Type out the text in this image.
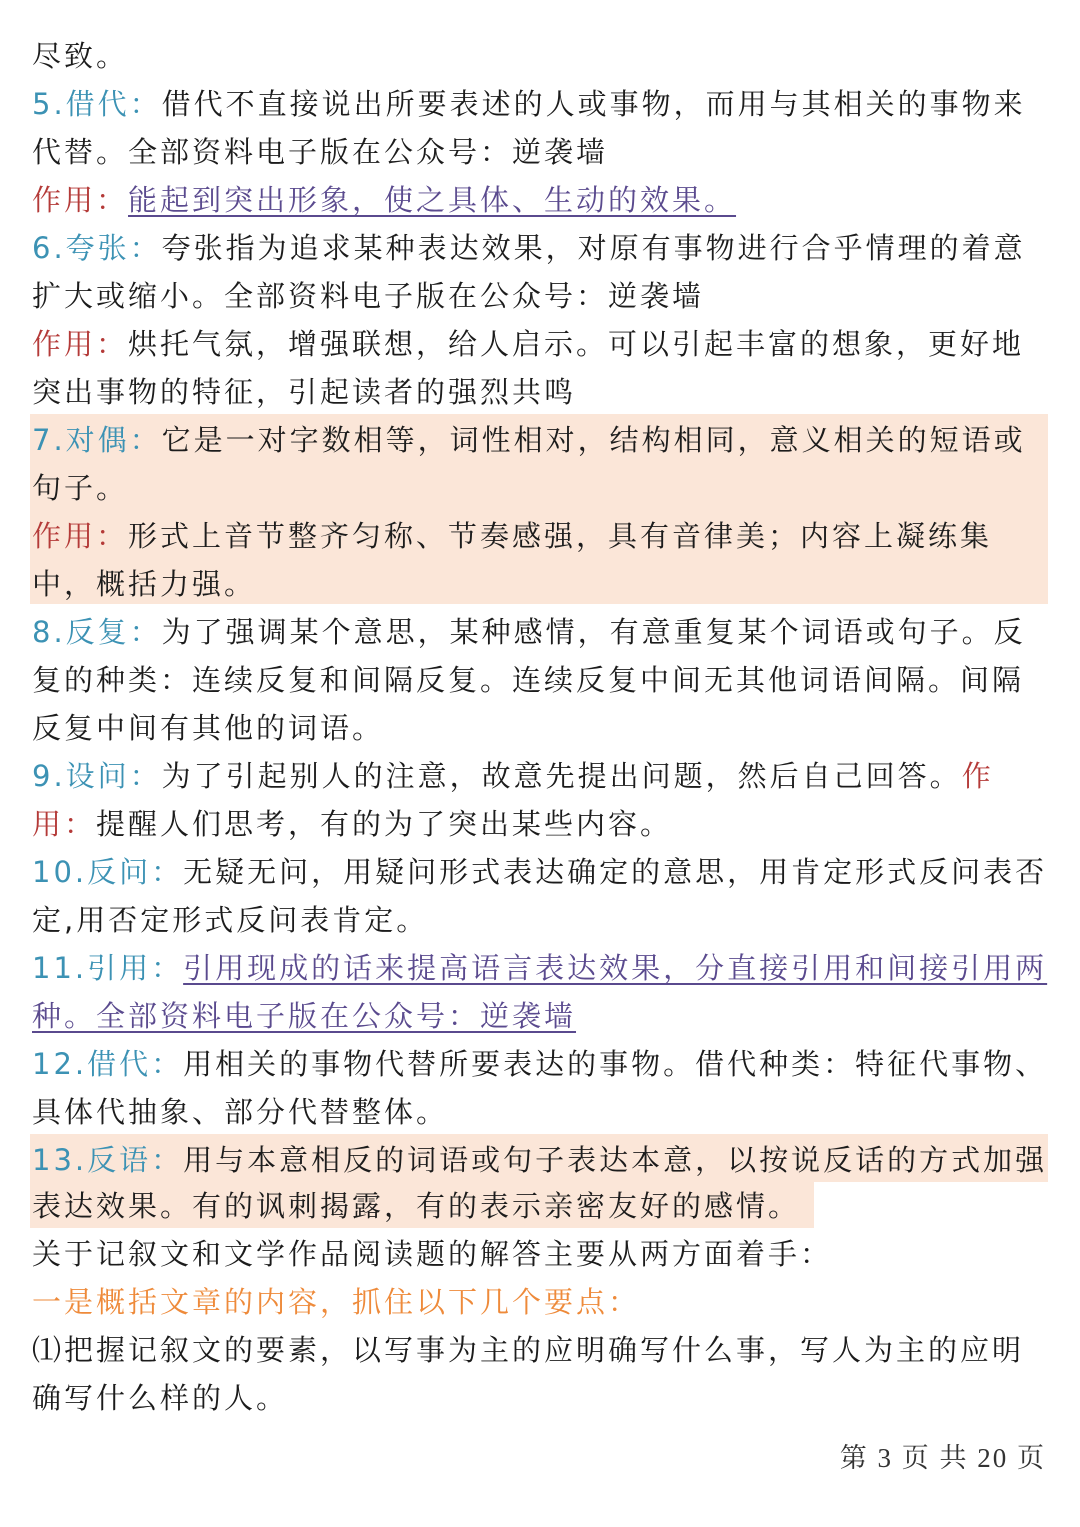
尽致。
5.借代：借代不直接说出所要表述的人或事物，而用与其相关的事物来
代替。全部资料电子版在公众号：逆袭墙
作用：能起到突出形象，使之具体、生动的效果。
6.夸张：夸张指为追求某种表达效果，对原有事物进行合乎情理的着意
扩大或缩小。全部资料电子版在公众号：逆袭墙
作用：烘托气氛，增强联想，给人启示。可以引起丰富的想象，更好地
突出事物的特征，引起读者的强烈共鸣
7.对偶：它是一对字数相等，词性相对，结构相同，意义相关的短语或
句子。
作用：形式上音节整齐匀称、节奏感强，具有音律美；内容上凝练集
中，概括力强。
8.反复：为了强调某个意思，某种感情，有意重复某个词语或句子。反
复的种类：连续反复和间隔反复。连续反复中间无其他词语间隔。间隔
反复中间有其他的词语。
9.设问：为了引起别人的注意，故意先提出问题，然后自己回答。作
用：提醒人们思考，有的为了突出某些内容。
10.反问：无疑无问，用疑问形式表达确定的意思，用肯定形式反问表否
定,用否定形式反问表肯定。
11.引用：引用现成的话来提高语言表达效果，分直接引用和间接引用两
种。全部资料电子版在公众号：逆袭墙
12.借代：用相关的事物代替所要表达的事物。借代种类：特征代事物、
具体代抽象、部分代替整体。
13.反语：用与本意相反的词语或句子表达本意，以按说反话的方式加强
表达效果。有的讽刺揭露，有的表示亲密友好的感情。
关于记叙文和文学作品阅读题的解答主要从两方面着手：
一是概括文章的内容，抓住以下几个要点：
⑴把握记叙文的要素，以写事为主的应明确写什么事，写人为主的应明
确写什么样的人。
第 3 页 共 20 页
